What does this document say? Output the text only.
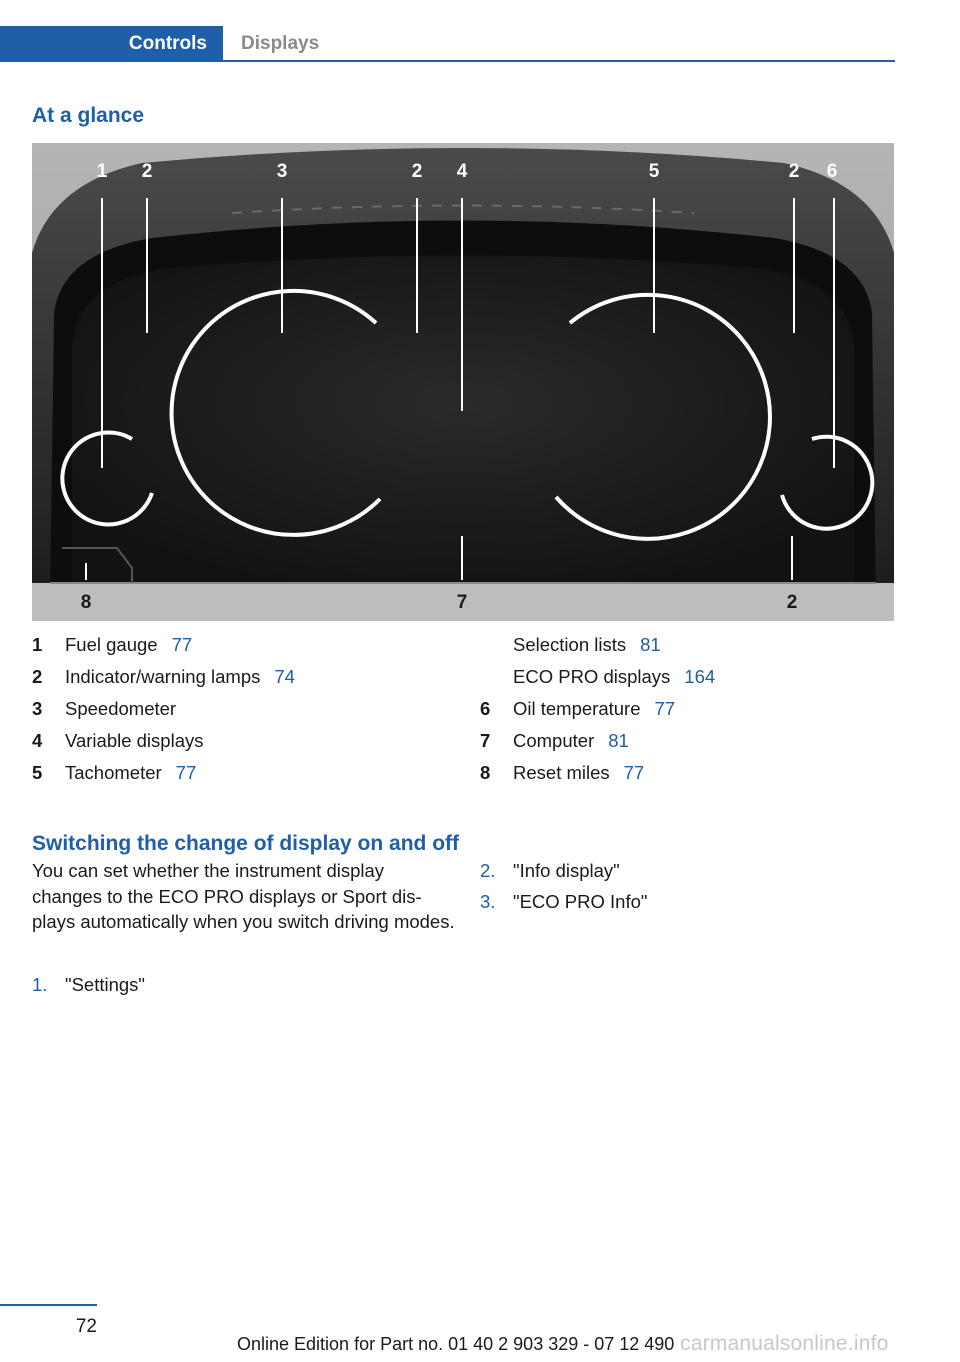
Controls	Displays
At a glance
1 2	3	2 4	5	2 6
8	7	2
1	Fuel gauge 77
2	Indicator/warning lamps 74
3	Speedometer
4	Variable displays
5	Tachometer 77
Selection lists 81
ECO PRO displays 164
6	Oil temperature 77
7	Computer 81
8	Reset miles 77
Switching the change of display on and off
You can set whether the instrument display changes to the ECO PRO displays or Sport dis- plays automatically when you switch driving modes.
1. "Settings"
2. "Info display"
3. "ECO PRO Info"
72
Online Edition for Part no. 01 40 2 903 329 - 07 12 490 carmanualsonline.info
